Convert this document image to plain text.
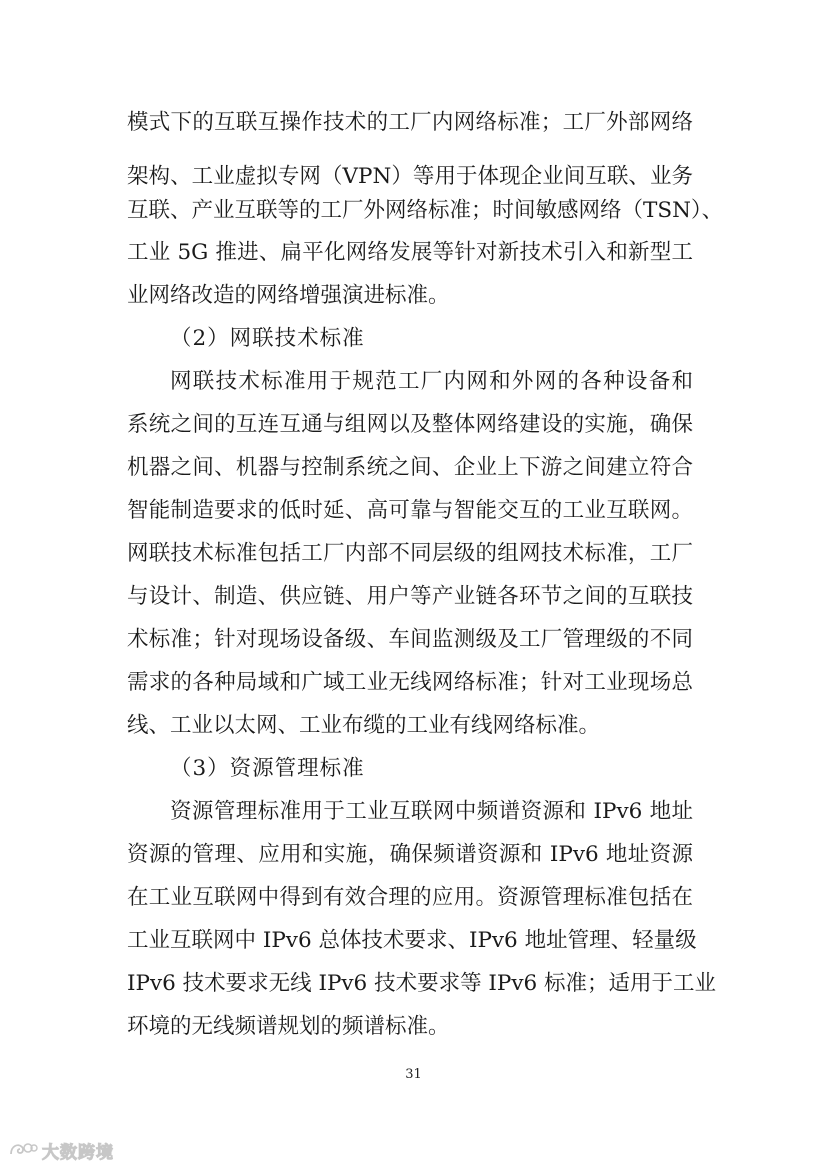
模式下的互联互操作技术的工厂内网络标准；工厂外部网络
架构、工业虚拟专网（VPN）等用于体现企业间互联、业务
互联、产业互联等的工厂外网络标准；时间敏感网络（TSN）、
工业 5G 推进、扁平化网络发展等针对新技术引入和新型工
业网络改造的网络增强演进标准。
（2）网联技术标准
网联技术标准用于规范工厂内网和外网的各种设备和
系统之间的互连互通与组网以及整体网络建设的实施，确保
机器之间、机器与控制系统之间、企业上下游之间建立符合
智能制造要求的低时延、高可靠与智能交互的工业互联网。
网联技术标准包括工厂内部不同层级的组网技术标准，工厂
与设计、制造、供应链、用户等产业链各环节之间的互联技
术标准；针对现场设备级、车间监测级及工厂管理级的不同
需求的各种局域和广域工业无线网络标准；针对工业现场总
线、工业以太网、工业布缆的工业有线网络标准。
（3）资源管理标准
资源管理标准用于工业互联网中频谱资源和 IPv6 地址
资源的管理、应用和实施，确保频谱资源和 IPv6 地址资源
在工业互联网中得到有效合理的应用。资源管理标准包括在
工业互联网中 IPv6 总体技术要求、IPv6 地址管理、轻量级
IPv6 技术要求无线 IPv6 技术要求等 IPv6 标准；适用于工业
环境的无线频谱规划的频谱标准。
31
大数跨境
